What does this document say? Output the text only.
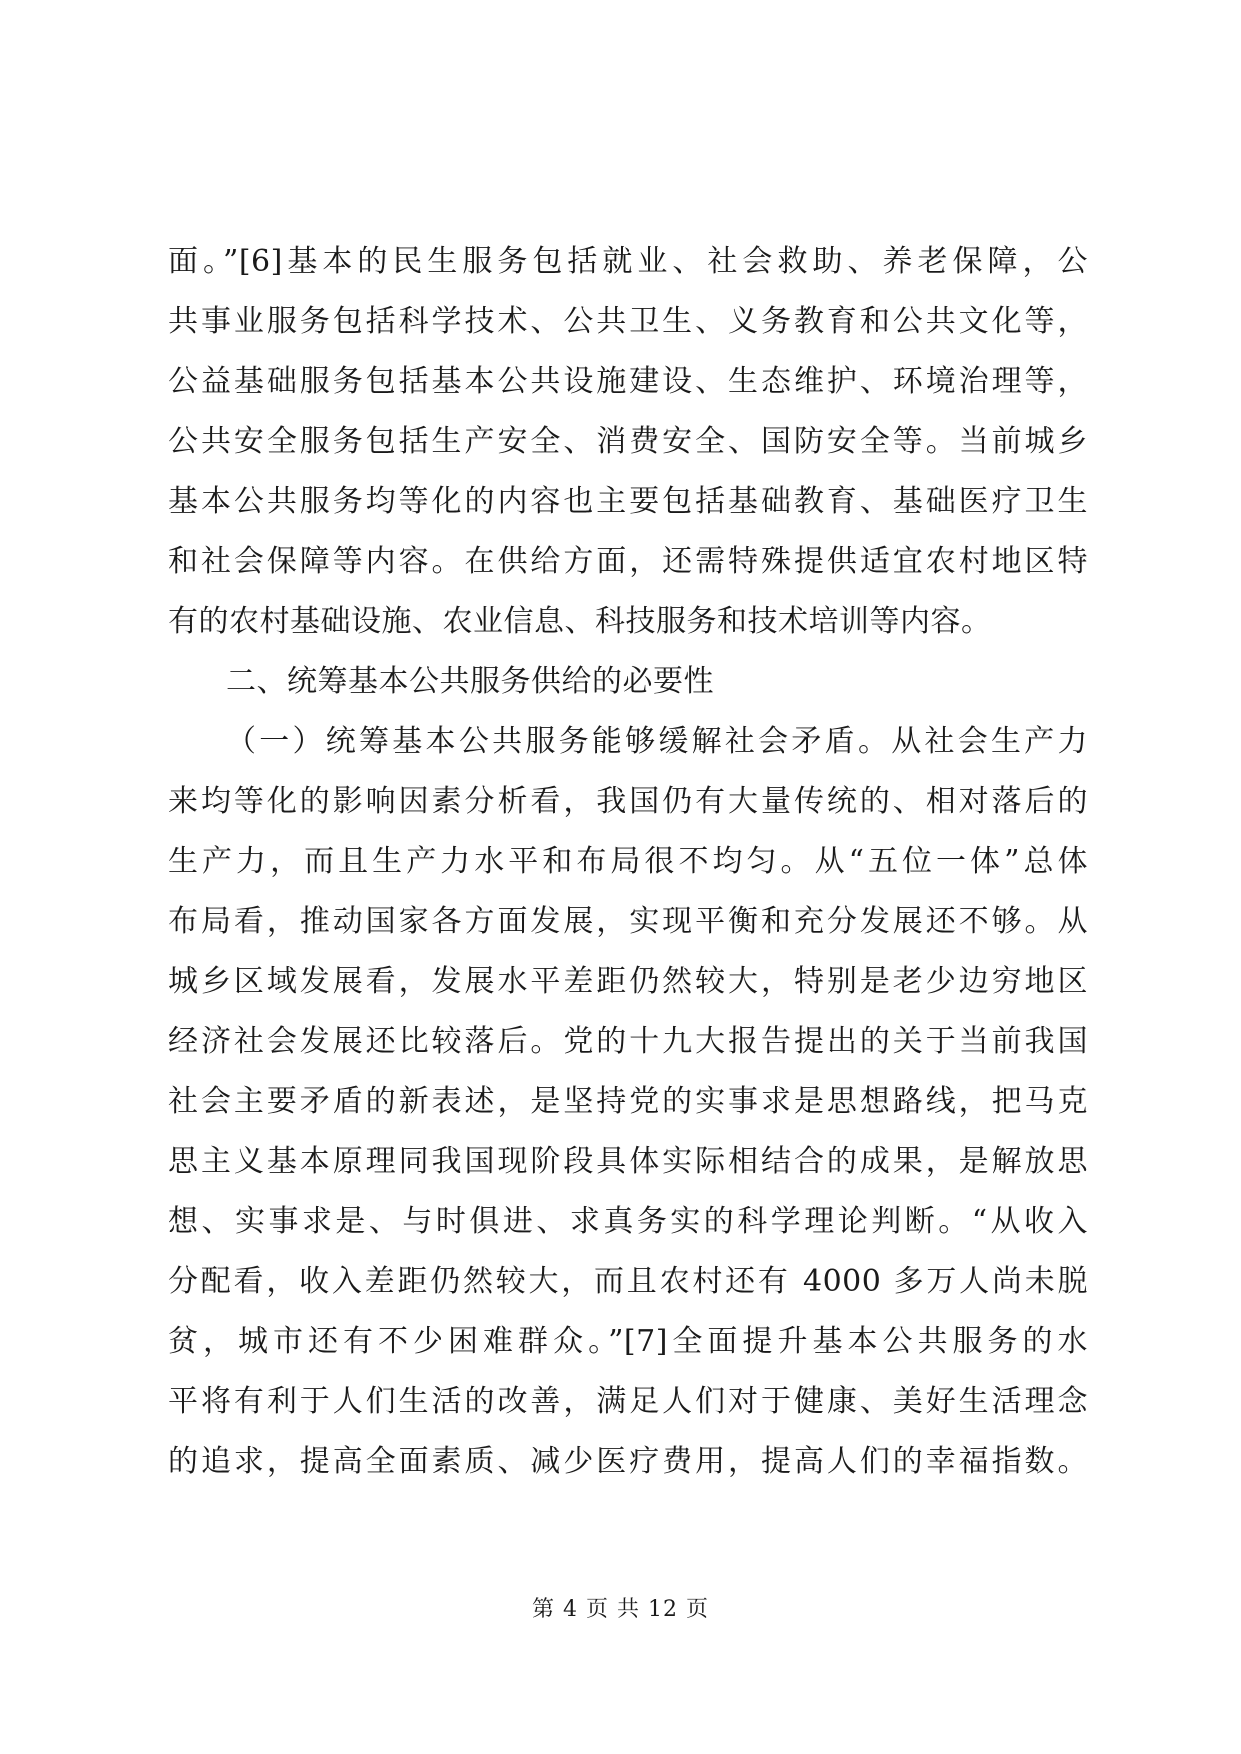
面。”[6]基本的民生服务包括就业、社会救助、养老保障，公
共事业服务包括科学技术、公共卫生、义务教育和公共文化等，
公益基础服务包括基本公共设施建设、生态维护、环境治理等，
公共安全服务包括生产安全、消费安全、国防安全等。当前城乡
基本公共服务均等化的内容也主要包括基础教育、基础医疗卫生
和社会保障等内容。在供给方面，还需特殊提供适宜农村地区特
有的农村基础设施、农业信息、科技服务和技术培训等内容。
二、统筹基本公共服务供给的必要性
（一）统筹基本公共服务能够缓解社会矛盾。从社会生产力
来均等化的影响因素分析看，我国仍有大量传统的、相对落后的
生产力，而且生产力水平和布局很不均匀。从“五位一体”总体
布局看，推动国家各方面发展，实现平衡和充分发展还不够。从
城乡区域发展看，发展水平差距仍然较大，特别是老少边穷地区
经济社会发展还比较落后。党的十九大报告提出的关于当前我国
社会主要矛盾的新表述，是坚持党的实事求是思想路线，把马克
思主义基本原理同我国现阶段具体实际相结合的成果，是解放思
想、实事求是、与时俱进、求真务实的科学理论判断。“从收入
分配看，收入差距仍然较大，而且农村还有 4000 多万人尚未脱
贫，城市还有不少困难群众。”[7]全面提升基本公共服务的水
平将有利于人们生活的改善，满足人们对于健康、美好生活理念
的追求，提高全面素质、减少医疗费用，提高人们的幸福指数。
第 4 页 共 12 页
